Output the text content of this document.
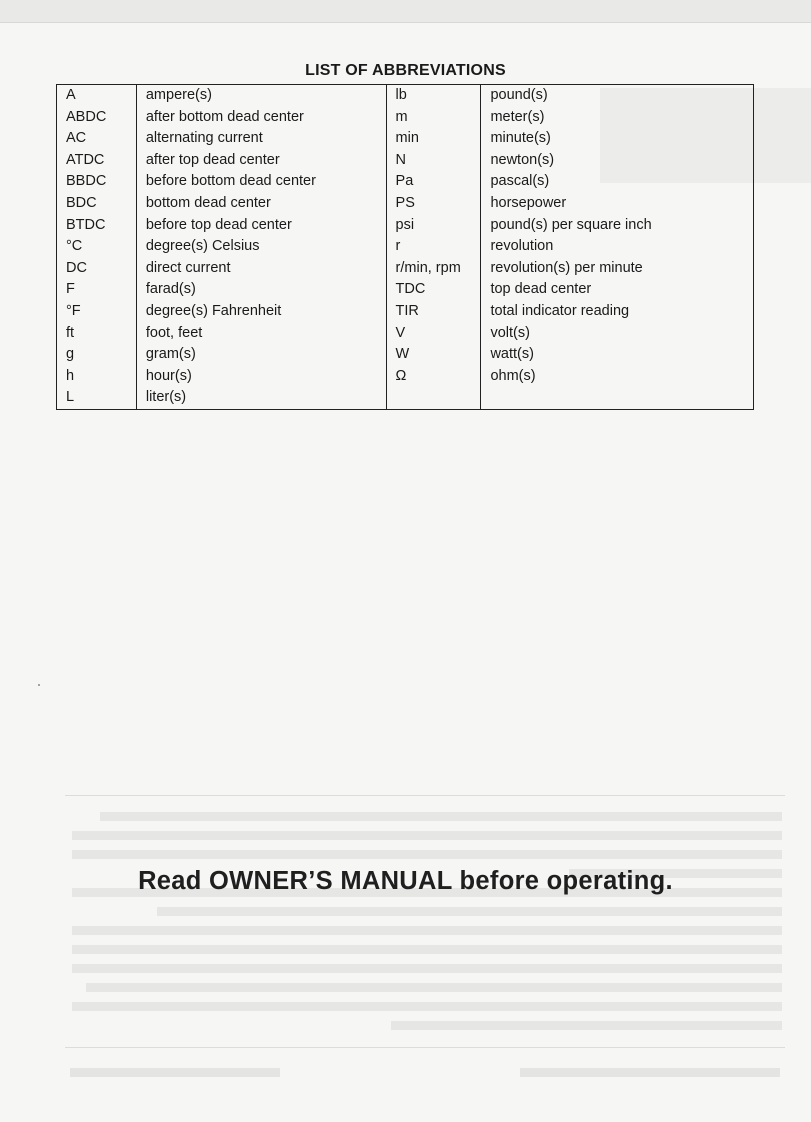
LIST OF ABBREVIATIONS
A	ampere(s)	lb	pound(s)
ABDC	after bottom dead center	m	meter(s)
AC	alternating current	min	minute(s)
ATDC	after top dead center	N	newton(s)
BBDC	before bottom dead center	Pa	pascal(s)
BDC	bottom dead center	PS	horsepower
BTDC	before top dead center	psi	pound(s) per square inch
°C	degree(s) Celsius	r	revolution
DC	direct current	r/min, rpm	revolution(s) per minute
F	farad(s)	TDC	top dead center
°F	degree(s) Fahrenheit	TIR	total indicator reading
ft	foot, feet	V	volt(s)
g	gram(s)	W	watt(s)
h	hour(s)	Ω	ohm(s)
L	liter(s)		
Read OWNER’S MANUAL before operating.
